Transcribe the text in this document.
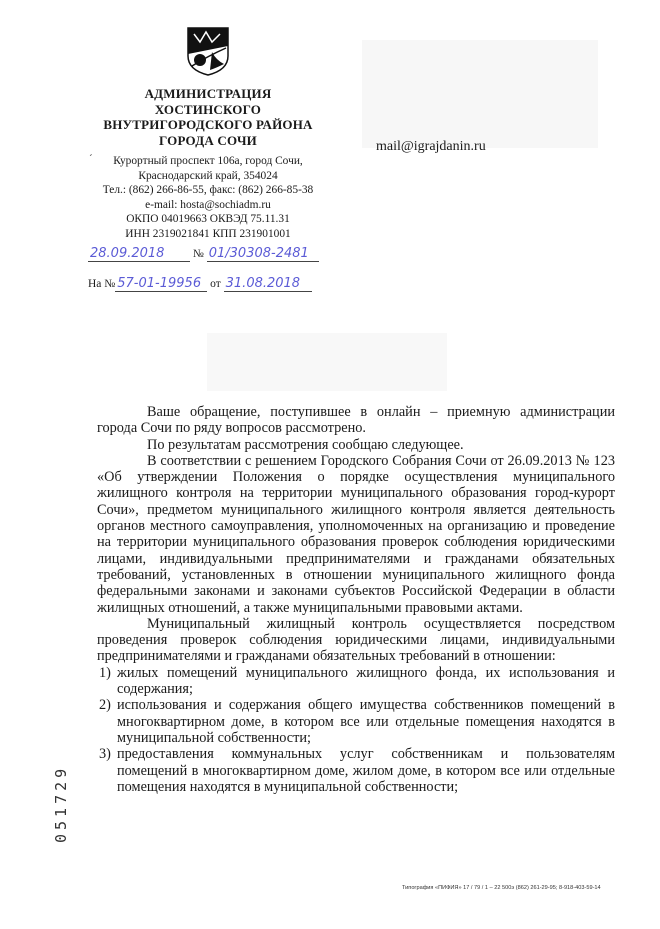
АДМИНИСТРАЦИЯ
ХОСТИНСКОГО
ВНУТРИГОРОДСКОГО РАЙОНА
ГОРОДА СОЧИ
´	Курортный проспект 106а, город Сочи,
Краснодарский край, 354024
Тел.: (862) 266-86-55, факс: (862) 266-85-38
e-mail: hosta@sochiadm.ru
ОКПО 04019663 ОКВЭД 75.11.31
ИНН 2319021841 КПП 231901001
mail@igrajdanin.ru
28.09.2018 № 01/30308-2481
На № 57-01-19956 от 31.08.2018

Ваше обращение, поступившее в онлайн – приемную администрации города Сочи по ряду вопросов рассмотрено.

По результатам рассмотрения сообщаю следующее.

В соответствии с решением Городского Собрания Сочи от 26.09.2013 № 123 «Об утверждении Положения о порядке осуществления муниципального жилищного контроля на территории муниципального образования город-курорт Сочи», предметом муниципального жилищного контроля является деятельность органов местного самоуправления, уполномоченных на организацию и проведение на территории муниципального образования проверок соблюдения юридическими лицами, индивидуальными предпринимателями и гражданами обязательных требований, установленных в отношении муниципального жилищного фонда федеральными законами и законами субъектов Российской Федерации в области жилищных отношений, а также муниципальными правовыми актами.

Муниципальный жилищный контроль осуществляется посредством проведения проверок соблюдения юридическими лицами, индивидуальными предпринимателями и гражданами обязательных требований в отношении:

1) жилых помещений муниципального жилищного фонда, их использования и содержания;
2) использования и содержания общего имущества собственников помещений в многоквартирном доме, в котором все или отдельные помещения находятся в муниципальной собственности;
3) предоставления коммунальных услуг собственникам и пользователям помещений в многоквартирном доме, жилом доме, в котором все или отдельные помещения находятся в муниципальной собственности;
051729
Типография «ПИФИЯ» 17 / 79 / 1 – 22 500э (862) 261-29-95; 8-918-403-59-14
